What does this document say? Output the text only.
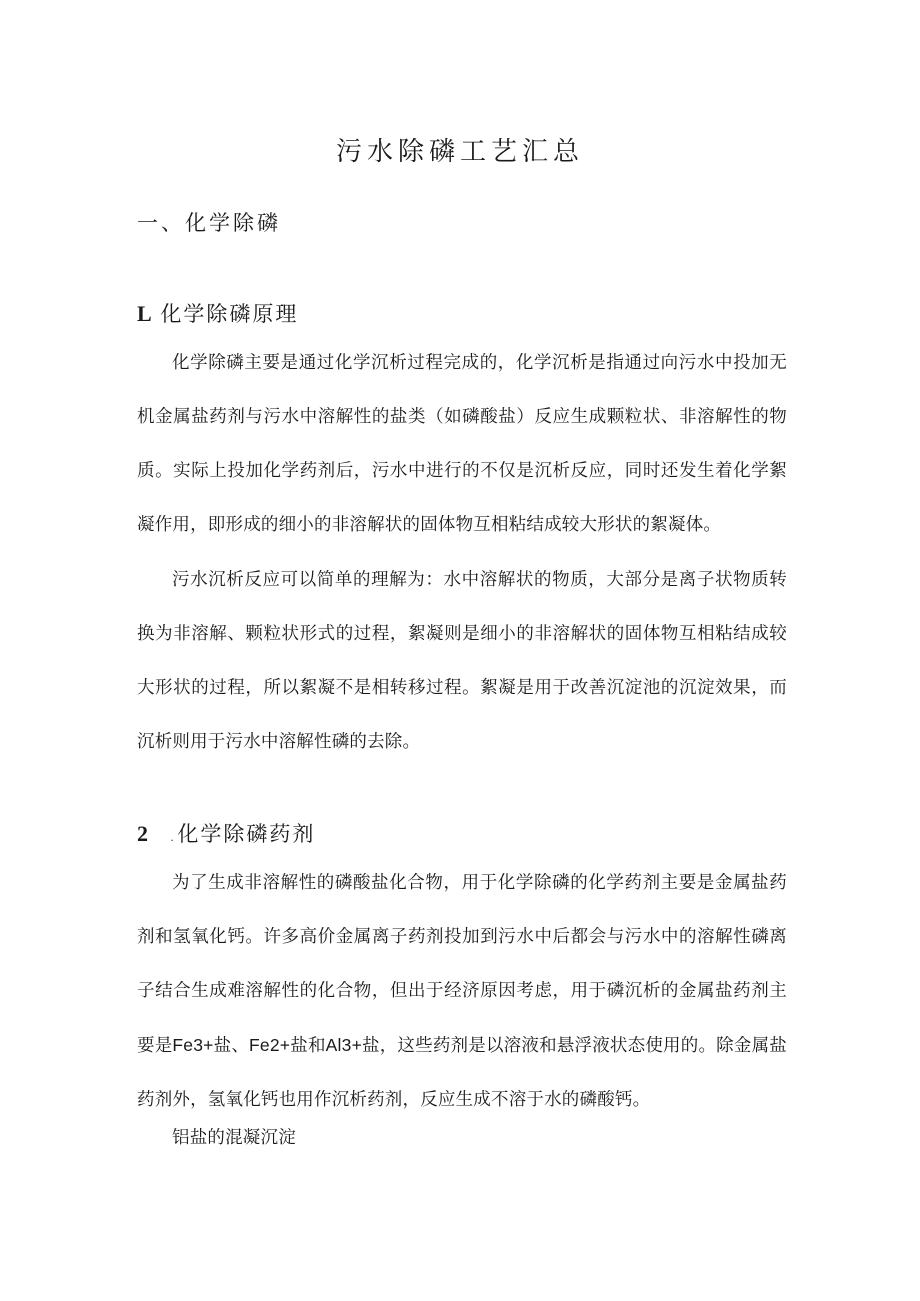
污水除磷工艺汇总
一、化学除磷
L 化学除磷原理
化学除磷主要是通过化学沉析过程完成的，化学沉析是指通过向污水中投加无机金属盐药剂与污水中溶解性的盐类（如磷酸盐）反应生成颗粒状、非溶解性的物质。实际上投加化学药剂后，污水中进行的不仅是沉析反应，同时还发生着化学絮凝作用，即形成的细小的非溶解状的固体物互相粘结成较大形状的絮凝体。
污水沉析反应可以简单的理解为：水中溶解状的物质，大部分是离子状物质转换为非溶解、颗粒状形式的过程，絮凝则是细小的非溶解状的固体物互相粘结成较大形状的过程，所以絮凝不是相转移过程。絮凝是用于改善沉淀池的沉淀效果，而沉析则用于污水中溶解性磷的去除。
2 .化学除磷药剂
为了生成非溶解性的磷酸盐化合物，用于化学除磷的化学药剂主要是金属盐药剂和氢氧化钙。许多高价金属离子药剂投加到污水中后都会与污水中的溶解性磷离子结合生成难溶解性的化合物，但出于经济原因考虑，用于磷沉析的金属盐药剂主要是Fe3+盐、Fe2+盐和Al3+盐，这些药剂是以溶液和悬浮液状态使用的。除金属盐药剂外，氢氧化钙也用作沉析药剂，反应生成不溶于水的磷酸钙。
铝盐的混凝沉淀
